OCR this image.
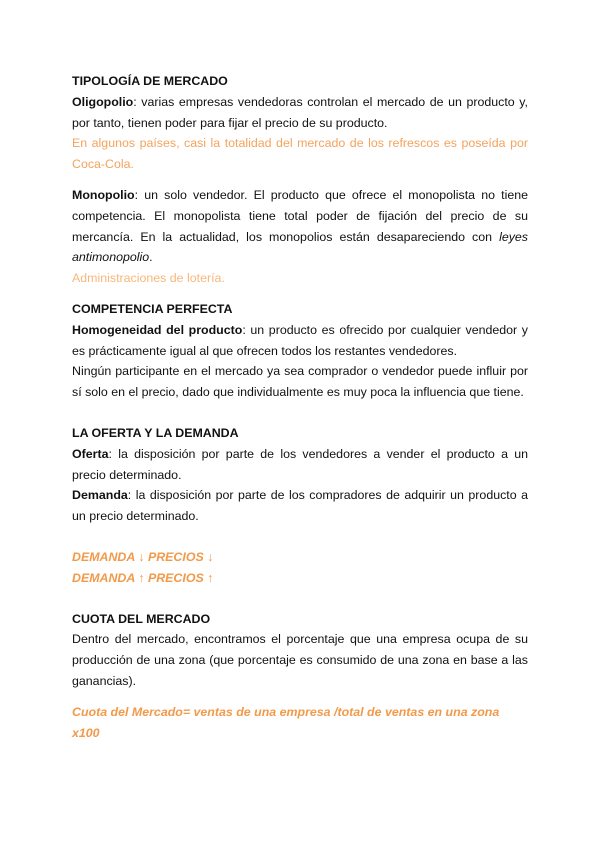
TIPOLOGÍA DE MERCADO

Oligopolio: varias empresas vendedoras controlan el mercado de un producto y, por tanto, tienen poder para fijar el precio de su producto.

En algunos países, casi la totalidad del mercado de los refrescos es poseída por Coca-Cola.

Monopolio: un solo vendedor. El producto que ofrece el monopolista no tiene competencia. El monopolista tiene total poder de fijación del precio de su mercancía. En la actualidad, los monopolios están desapareciendo con leyes antimonopolio.

Administraciones de lotería.

COMPETENCIA PERFECTA

Homogeneidad del producto: un producto es ofrecido por cualquier vendedor y es prácticamente igual al que ofrecen todos los restantes vendedores.

Ningún participante en el mercado ya sea comprador o vendedor puede influir por sí solo en el precio, dado que individualmente es muy poca la influencia que tiene.

LA OFERTA Y LA DEMANDA

Oferta: la disposición por parte de los vendedores a vender el producto a un precio determinado.

Demanda: la disposición por parte de los compradores de adquirir un producto a un precio determinado.

DEMANDA ↓ PRECIOS ↓

DEMANDA ↑ PRECIOS ↑

CUOTA DEL MERCADO

Dentro del mercado, encontramos el porcentaje que una empresa ocupa de su producción de una zona (que porcentaje es consumido de una zona en base a las ganancias).

Cuota del Mercado= ventas de una empresa /total de ventas en una zona x100
